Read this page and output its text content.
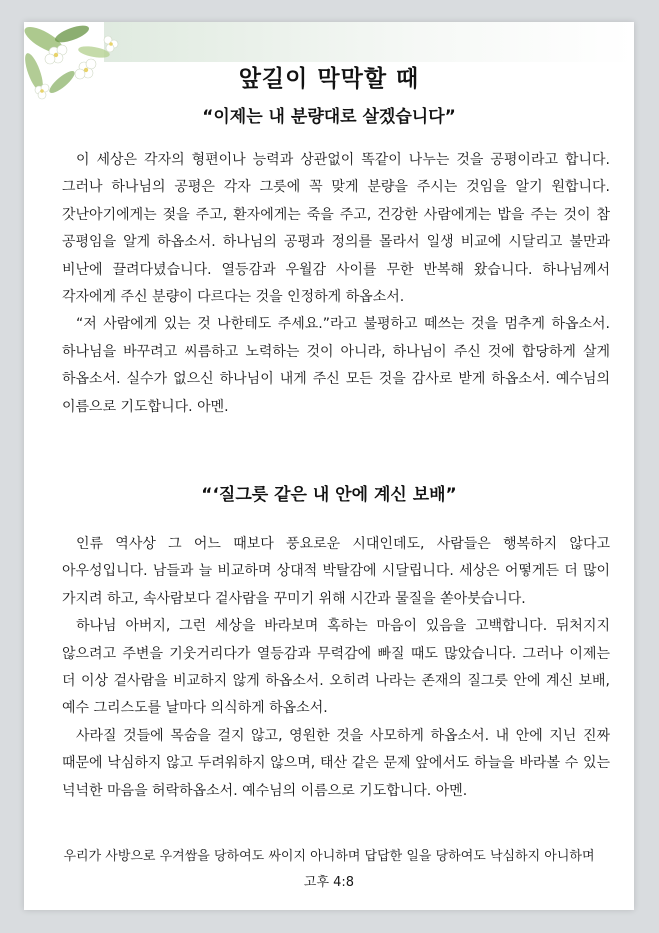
앞길이 막막할 때
“이제는 내 분량대로 살겠습니다”

이 세상은 각자의 형편이나 능력과 상관없이 똑같이 나누는 것을 공평이라고 합니다. 그러나 하나님의 공평은 각자 그릇에 꼭 맞게 분량을 주시는 것임을 알기 원합니다. 갓난아기에게는 젖을 주고, 환자에게는 죽을 주고, 건강한 사람에게는 밥을 주는 것이 참 공평임을 알게 하옵소서. 하나님의 공평과 정의를 몰라서 일생 비교에 시달리고 불만과 비난에 끌려다녔습니다. 열등감과 우월감 사이를 무한 반복해 왔습니다. 하나님께서 각자에게 주신 분량이 다르다는 것을 인정하게 하옵소서.

“저 사람에게 있는 것 나한테도 주세요.”라고 불평하고 떼쓰는 것을 멈추게 하옵소서. 하나님을 바꾸려고 씨름하고 노력하는 것이 아니라, 하나님이 주신 것에 합당하게 살게 하옵소서. 실수가 없으신 하나님이 내게 주신 모든 것을 감사로 받게 하옵소서. 예수님의 이름으로 기도합니다. 아멘.

“‘질그릇 같은 내 안에 계신 보배”

인류 역사상 그 어느 때보다 풍요로운 시대인데도, 사람들은 행복하지 않다고 아우성입니다. 남들과 늘 비교하며 상대적 박탈감에 시달립니다. 세상은 어떻게든 더 많이 가지려 하고, 속사람보다 겉사람을 꾸미기 위해 시간과 물질을 쏟아붓습니다.

하나님 아버지, 그런 세상을 바라보며 혹하는 마음이 있음을 고백합니다. 뒤처지지 않으려고 주변을 기웃거리다가 열등감과 무력감에 빠질 때도 많았습니다. 그러나 이제는 더 이상 겉사람을 비교하지 않게 하옵소서. 오히려 나라는 존재의 질그릇 안에 계신 보배, 예수 그리스도를 날마다 의식하게 하옵소서.

사라질 것들에 목숨을 걸지 않고, 영원한 것을 사모하게 하옵소서. 내 안에 지닌 진짜 때문에 낙심하지 않고 두려워하지 않으며, 태산 같은 문제 앞에서도 하늘을 바라볼 수 있는 넉넉한 마음을 허락하옵소서. 예수님의 이름으로 기도합니다. 아멘.

우리가 사방으로 우겨쌈을 당하여도 싸이지 아니하며 답답한 일을 당하여도 낙심하지 아니하며
고후 4:8
